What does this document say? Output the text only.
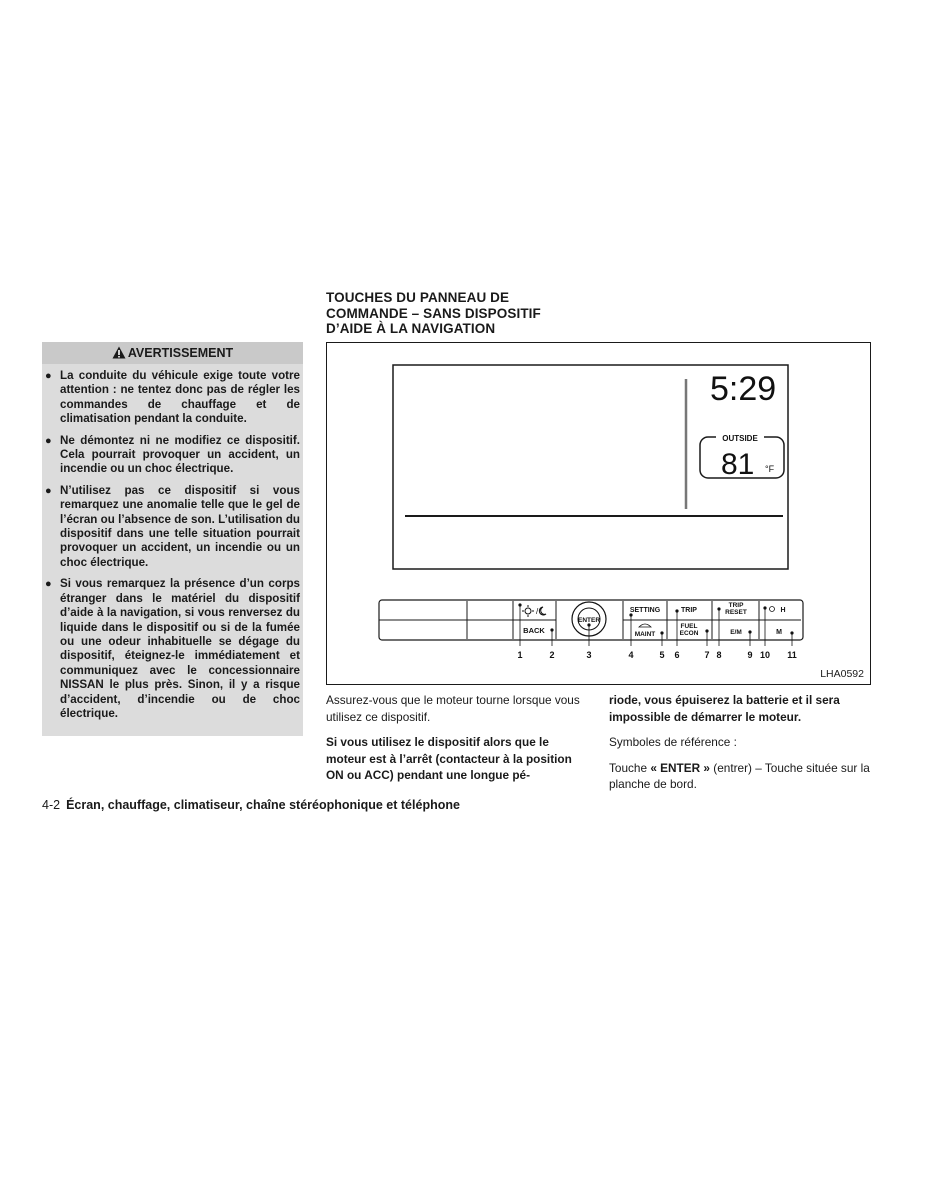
TOUCHES DU PANNEAU DE
COMMANDE – SANS DISPOSITIF
D’AIDE À LA NAVIGATION
AVERTISSEMENT
● La conduite du véhicule exige toute votre attention : ne tentez donc pas de régler les commandes de chauffage et de climatisation pendant la conduite.
● Ne démontez ni ne modifiez ce dispositif. Cela pourrait provoquer un accident, un incendie ou un choc électrique.
● N’utilisez pas ce dispositif si vous remarquez une anomalie telle que le gel de l’écran ou l’absence de son. L’utilisation du dispositif dans une telle situation pourrait provoquer un accident, un incendie ou un choc électrique.
● Si vous remarquez la présence d’un corps étranger dans le matériel du dispositif d’aide à la navigation, si vous renversez du liquide dans le dispositif ou si de la fumée ou une odeur inhabituelle se dégage du dispositif, éteignez-le immédiatement et communiquez avec le concessionnaire NISSAN le plus près. Sinon, il y a risque d’accident, d’incendie ou de choc électrique.
5:29
OUTSIDE
81 °F
/
BACK
ENTER
SETTING
MAINT
TRIP
FUEL
ECON
TRIP
RESET
E/M
H
M
1	2	3	4	5 6	7 8	9 10 11
LHA0592

Assurez-vous que le moteur tourne lorsque vous utilisez ce dispositif.

Si vous utilisez le dispositif alors que le moteur est à l’arrêt (contacteur à la position ON ou ACC) pendant une longue pé-

riode, vous épuiserez la batterie et il sera impossible de démarrer le moteur.

Symboles de référence :

Touche « ENTER » (entrer) – Touche située sur la planche de bord.

4-2 Écran, chauffage, climatiseur, chaîne stéréophonique et téléphone
